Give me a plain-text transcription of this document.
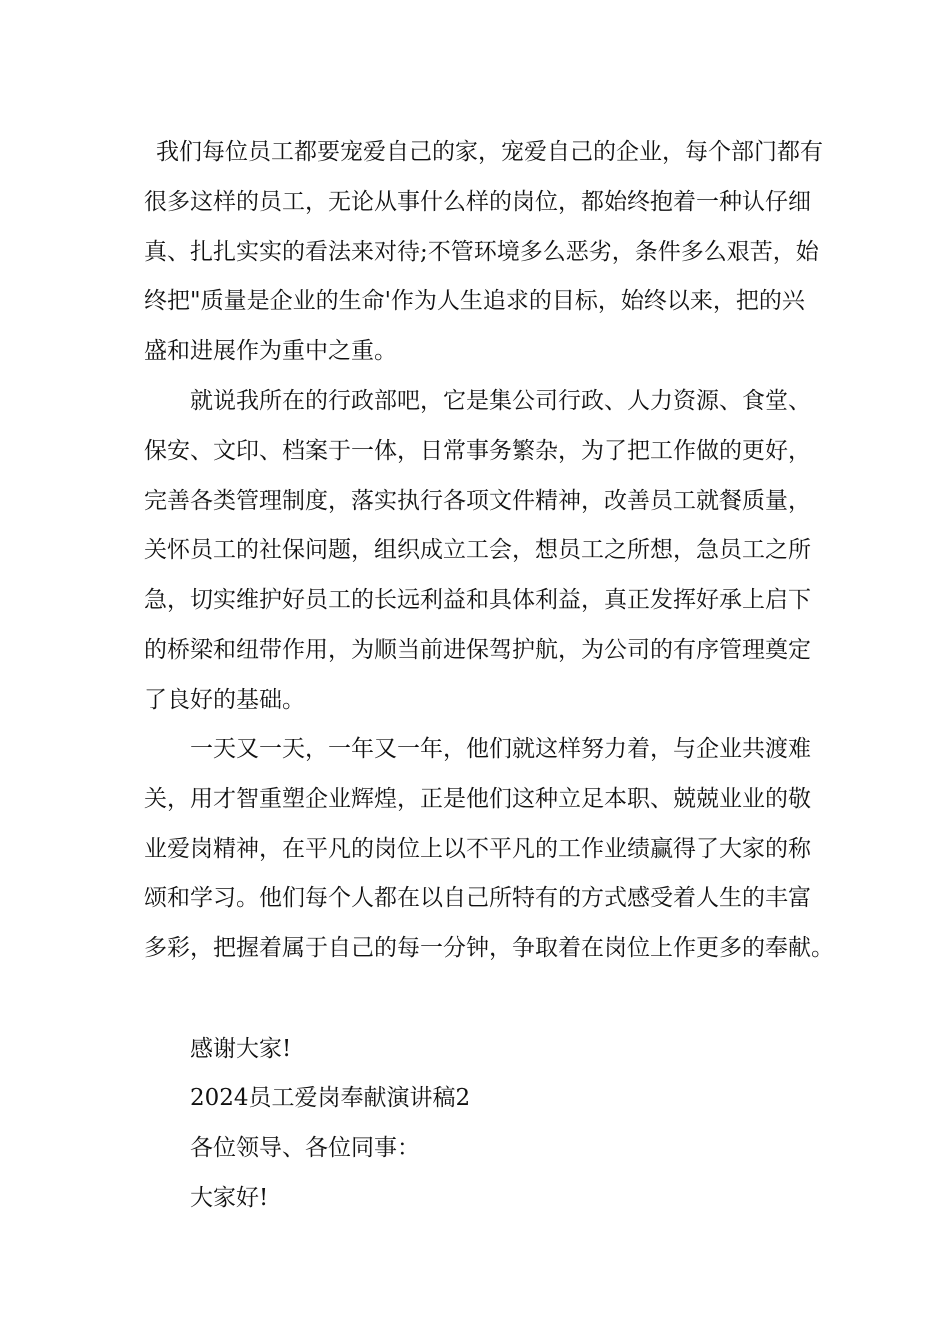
我们每位员工都要宠爱自己的家，宠爱自己的企业，每个部门都有
很多这样的员工，无论从事什么样的岗位，都始终抱着一种认仔细
真、扎扎实实的看法来对待;不管环境多么恶劣，条件多么艰苦，始
终把"质量是企业的生命'作为人生追求的目标，始终以来，把的兴
盛和进展作为重中之重。
就说我所在的行政部吧，它是集公司行政、人力资源、食堂、
保安、文印、档案于一体，日常事务繁杂，为了把工作做的更好，
完善各类管理制度，落实执行各项文件精神，改善员工就餐质量，
关怀员工的社保问题，组织成立工会，想员工之所想，急员工之所
急，切实维护好员工的长远利益和具体利益，真正发挥好承上启下
的桥梁和纽带作用，为顺当前进保驾护航，为公司的有序管理奠定
了良好的基础。
一天又一天，一年又一年，他们就这样努力着，与企业共渡难
关，用才智重塑企业辉煌，正是他们这种立足本职、兢兢业业的敬
业爱岗精神，在平凡的岗位上以不平凡的工作业绩赢得了大家的称
颂和学习。他们每个人都在以自己所特有的方式感受着人生的丰富
多彩，把握着属于自己的每一分钟，争取着在岗位上作更多的奉献。

感谢大家!

2024员工爱岗奉献演讲稿2

各位领导、各位同事：

大家好!
